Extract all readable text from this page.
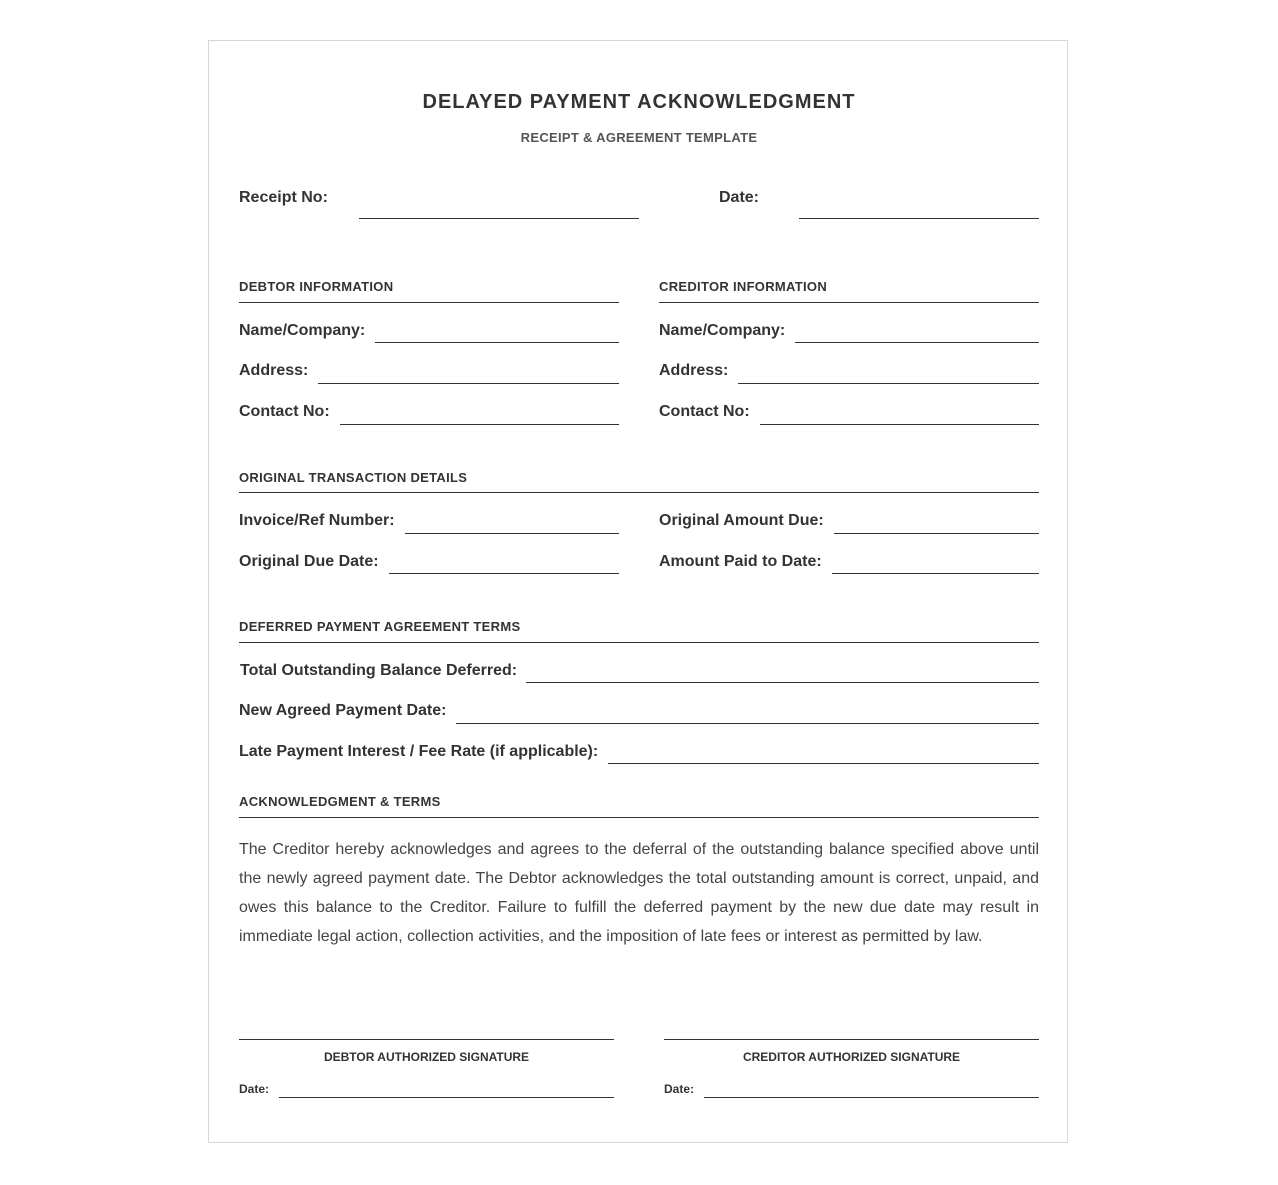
DELAYED PAYMENT ACKNOWLEDGMENT
RECEIPT & AGREEMENT TEMPLATE
Receipt No:	Date:
DEBTOR INFORMATION
Name/Company:
Address:
Contact No:
CREDITOR INFORMATION
Name/Company:
Address:
Contact No:
ORIGINAL TRANSACTION DETAILS
Invoice/Ref Number:	Original Amount Due:
Original Due Date:	Amount Paid to Date:
DEFERRED PAYMENT AGREEMENT TERMS
Total Outstanding Balance Deferred:
New Agreed Payment Date:
Late Payment Interest / Fee Rate (if applicable):
ACKNOWLEDGMENT & TERMS
The Creditor hereby acknowledges and agrees to the deferral of the outstanding balance specified above until the newly agreed payment date. The Debtor acknowledges the total outstanding amount is correct, unpaid, and owes this balance to the Creditor. Failure to fulfill the deferred payment by the new due date may result in immediate legal action, collection activities, and the imposition of late fees or interest as permitted by law.
DEBTOR AUTHORIZED SIGNATURE
Date:
CREDITOR AUTHORIZED SIGNATURE
Date:
